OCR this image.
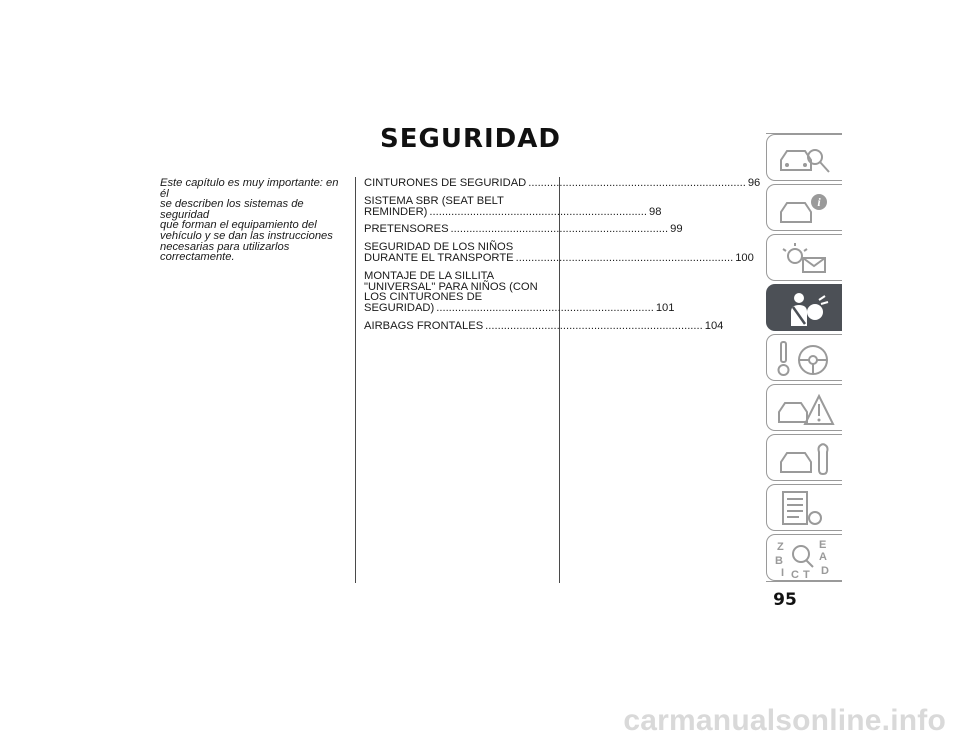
SEGURIDAD
Este capítulo es muy importante: en él
se describen los sistemas de seguridad
que forman el equipamiento del
vehículo y se dan las instrucciones
necesarias para utilizarlos
correctamente.
CINTURONES DE SEGURIDAD ...................................................................... 96
SISTEMA SBR (SEAT BELT
REMINDER) ...................................................................... 98
PRETENSORES ...................................................................... 99
SEGURIDAD DE LOS NIÑOS
DURANTE EL TRANSPORTE ...................................................................... 100
MONTAJE DE LA SILLITA
"UNIVERSAL" PARA NIÑOS (CON
LOS CINTURONES DE
SEGURIDAD) ...................................................................... 101
AIRBAGS FRONTALES ...................................................................... 104
i
Z	E
B	A
I C T D
95
carmanualsonline.info
